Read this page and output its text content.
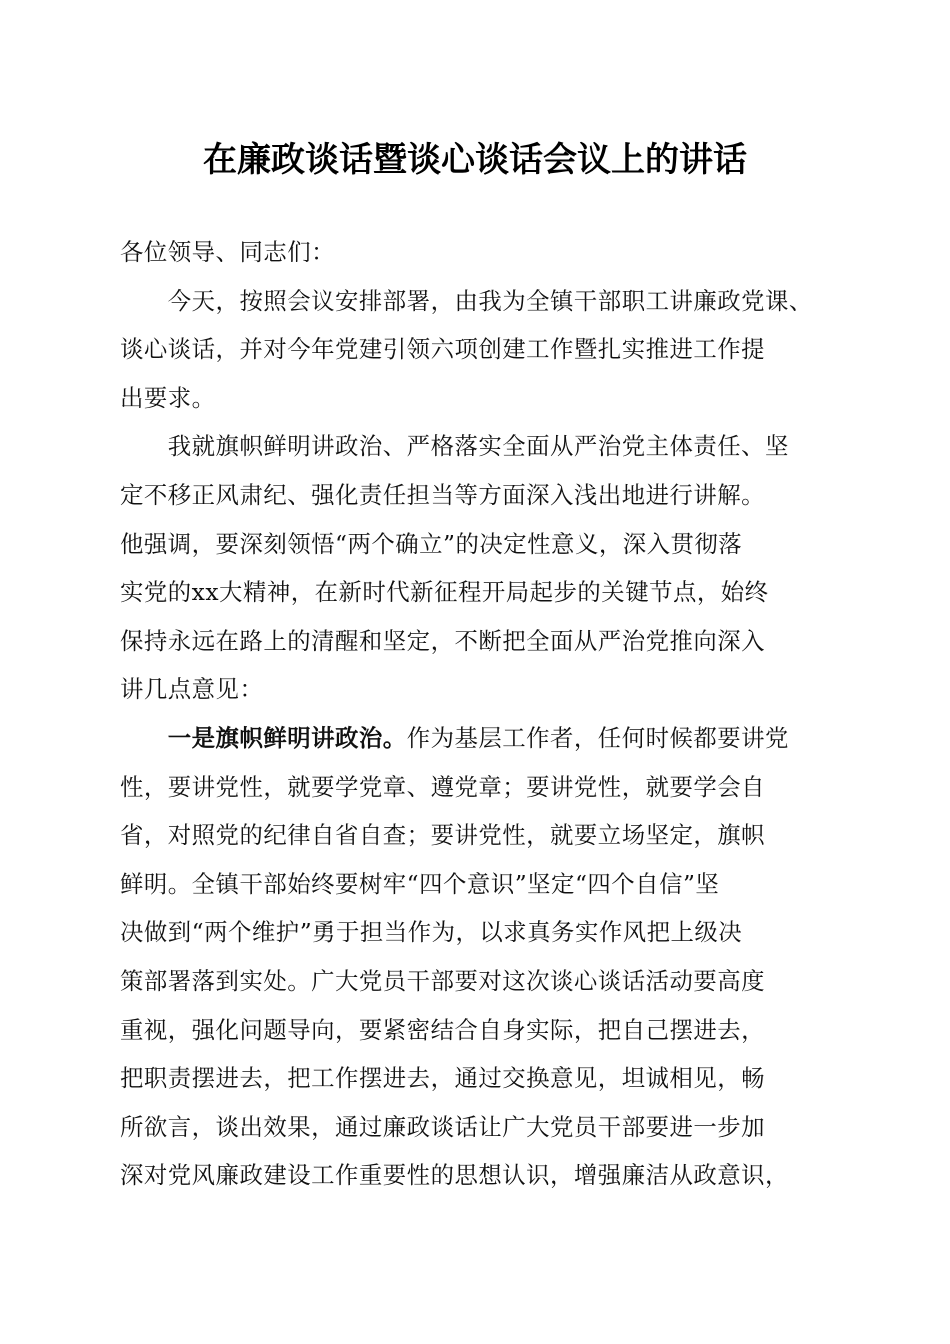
在廉政谈话暨谈心谈话会议上的讲话

各位领导、同志们：

　　今天，按照会议安排部署，由我为全镇干部职工讲廉政党课、
谈心谈话，并对今年党建引领六项创建工作暨扎实推进工作提
出要求。

　　我就旗帜鲜明讲政治、严格落实全面从严治党主体责任、坚
定不移正风肃纪、强化责任担当等方面深入浅出地进行讲解。
他强调，要深刻领悟“两个确立”的决定性意义，深入贯彻落
实党的xx大精神，在新时代新征程开局起步的关键节点，始终
保持永远在路上的清醒和坚定，不断把全面从严治党推向深入
讲几点意见：

　　一是旗帜鲜明讲政治。作为基层工作者，任何时候都要讲党
性，要讲党性，就要学党章、遵党章；要讲党性，就要学会自
省，对照党的纪律自省自查；要讲党性，就要立场坚定，旗帜
鲜明。全镇干部始终要树牢“四个意识”坚定“四个自信”坚
决做到“两个维护”勇于担当作为，以求真务实作风把上级决
策部署落到实处。广大党员干部要对这次谈心谈话活动要高度
重视，强化问题导向，要紧密结合自身实际，把自己摆进去，
把职责摆进去，把工作摆进去，通过交换意见，坦诚相见，畅
所欲言，谈出效果，通过廉政谈话让广大党员干部要进一步加
深对党风廉政建设工作重要性的思想认识，增强廉洁从政意识，
